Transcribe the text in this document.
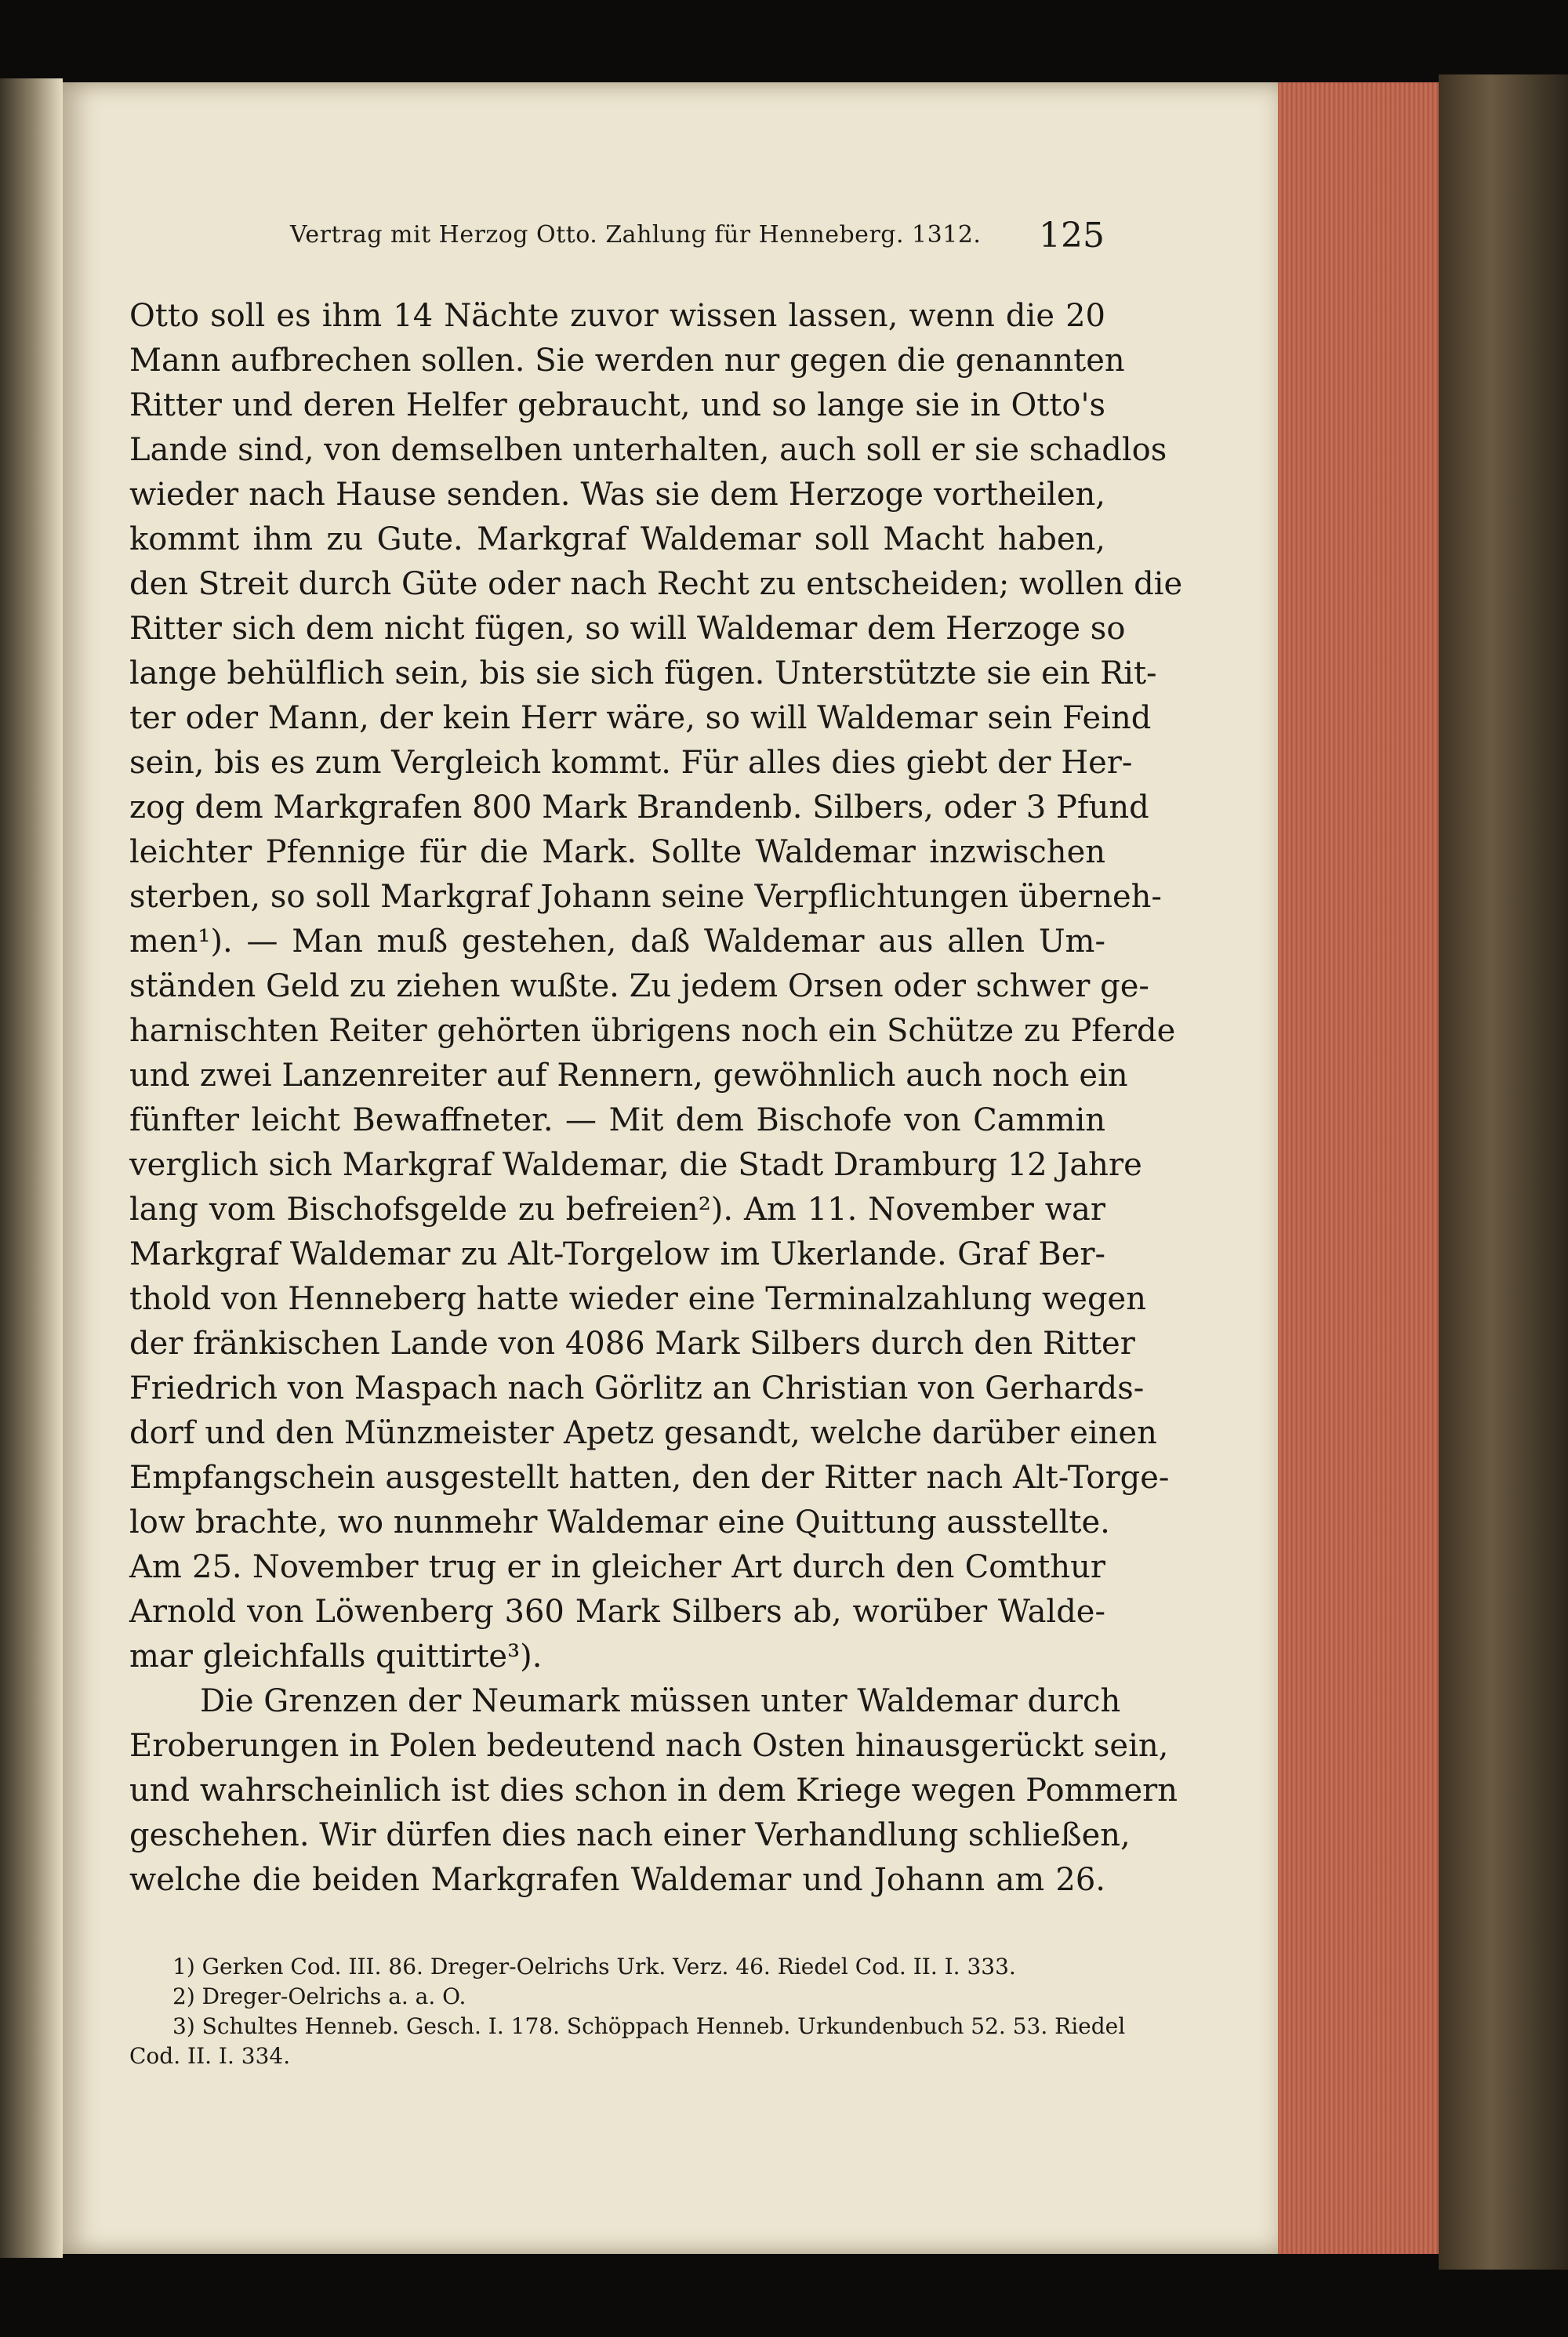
Vertrag mit Herzog Otto. Zahlung für Henneberg. 1312.	125
Otto soll es ihm 14 Nächte zuvor wissen lassen, wenn die 20
Mann aufbrechen sollen. Sie werden nur gegen die genannten
Ritter und deren Helfer gebraucht, und so lange sie in Otto's
Lande sind, von demselben unterhalten, auch soll er sie schadlos
wieder nach Hause senden. Was sie dem Herzoge vortheilen,
kommt ihm zu Gute. Markgraf Waldemar soll Macht haben,
den Streit durch Güte oder nach Recht zu entscheiden; wollen die
Ritter sich dem nicht fügen, so will Waldemar dem Herzoge so
lange behülflich sein, bis sie sich fügen. Unterstützte sie ein Rit-
ter oder Mann, der kein Herr wäre, so will Waldemar sein Feind
sein, bis es zum Vergleich kommt. Für alles dies giebt der Her-
zog dem Markgrafen 800 Mark Brandenb. Silbers, oder 3 Pfund
leichter Pfennige für die Mark. Sollte Waldemar inzwischen
sterben, so soll Markgraf Johann seine Verpflichtungen überneh-
men¹). — Man muß gestehen, daß Waldemar aus allen Um-
ständen Geld zu ziehen wußte. Zu jedem Orsen oder schwer ge-
harnischten Reiter gehörten übrigens noch ein Schütze zu Pferde
und zwei Lanzenreiter auf Rennern, gewöhnlich auch noch ein
fünfter leicht Bewaffneter. — Mit dem Bischofe von Cammin
verglich sich Markgraf Waldemar, die Stadt Dramburg 12 Jahre
lang vom Bischofsgelde zu befreien²). Am 11. November war
Markgraf Waldemar zu Alt-Torgelow im Ukerlande. Graf Ber-
thold von Henneberg hatte wieder eine Terminalzahlung wegen
der fränkischen Lande von 4086 Mark Silbers durch den Ritter
Friedrich von Maspach nach Görlitz an Christian von Gerhards-
dorf und den Münzmeister Apetz gesandt, welche darüber einen
Empfangschein ausgestellt hatten, den der Ritter nach Alt-Torge-
low brachte, wo nunmehr Waldemar eine Quittung ausstellte.
Am 25. November trug er in gleicher Art durch den Comthur
Arnold von Löwenberg 360 Mark Silbers ab, worüber Walde-
mar gleichfalls quittirte³).
Die Grenzen der Neumark müssen unter Waldemar durch
Eroberungen in Polen bedeutend nach Osten hinausgerückt sein,
und wahrscheinlich ist dies schon in dem Kriege wegen Pommern
geschehen. Wir dürfen dies nach einer Verhandlung schließen,
welche die beiden Markgrafen Waldemar und Johann am 26.
1) Gerken Cod. III. 86. Dreger-Oelrichs Urk. Verz. 46. Riedel Cod. II. I. 333.
2) Dreger-Oelrichs a. a. O.
3) Schultes Henneb. Gesch. I. 178. Schöppach Henneb. Urkundenbuch 52. 53. Riedel
Cod. II. I. 334.
